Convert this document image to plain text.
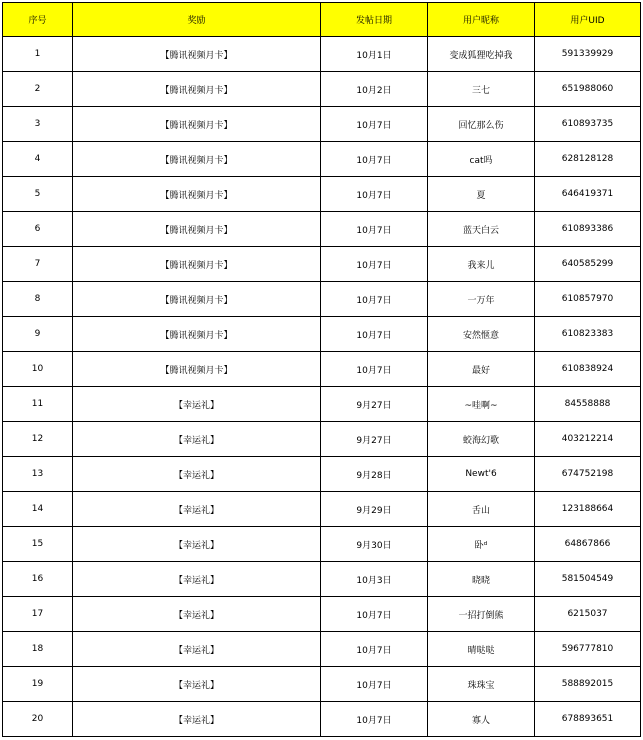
序号	奖励	发帖日期	用户昵称	用户UID
1	【腾讯视频月卡】	10月1日	变成狐狸吃掉我	591339929
2	【腾讯视频月卡】	10月2日	三七	651988060
3	【腾讯视频月卡】	10月7日	回忆那么伤	610893735
4	【腾讯视频月卡】	10月7日	cat吗	628128128
5	【腾讯视频月卡】	10月7日	夏	646419371
6	【腾讯视频月卡】	10月7日	蓝天白云	610893386
7	【腾讯视频月卡】	10月7日	我来儿	640585299
8	【腾讯视频月卡】	10月7日	一万年	610857970
9	【腾讯视频月卡】	10月7日	安然惬意	610823383
10	【腾讯视频月卡】	10月7日	最好	610838924
11	【幸运礼】	9月27日	~哇啊~	84558888
12	【幸运礼】	9月27日	蛟海幻歌	403212214
13	【幸运礼】	9月28日	Newt'6	674752198
14	【幸运礼】	9月29日	舌山	123188664
15	【幸运礼】	9月30日	卧ᵈ	64867866
16	【幸运礼】	10月3日	晓晓	581504549
17	【幸运礼】	10月7日	一招打倒熊	6215037
18	【幸运礼】	10月7日	晴哒哒	596777810
19	【幸运礼】	10月7日	珠珠宝	588892015
20	【幸运礼】	10月7日	寡人	678893651
